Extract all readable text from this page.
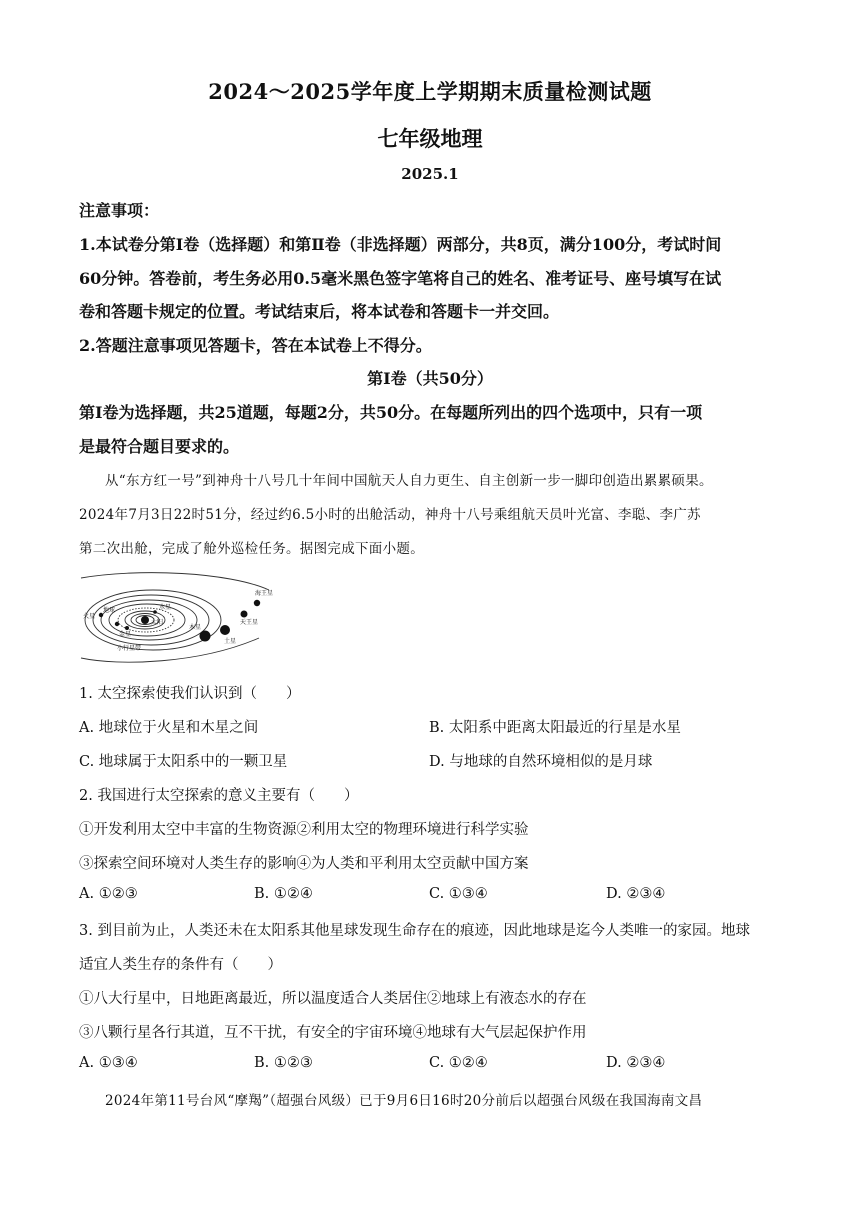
2024～2025学年度上学期期末质量检测试题
七年级地理
2025.1
注意事项：
1.本试卷分第Ⅰ卷（选择题）和第Ⅱ卷（非选择题）两部分，共8页，满分100分，考试时间
60分钟。答卷前，考生务必用0.5毫米黑色签字笔将自己的姓名、准考证号、座号填写在试
卷和答题卡规定的位置。考试结束后，将本试卷和答题卡一并交回。
2.答题注意事项见答题卡，答在本试卷上不得分。
第Ⅰ卷（共50分）
第Ⅰ卷为选择题，共25道题，每题2分，共50分。在每题所列出的四个选项中，只有一项
是最符合题目要求的。
从“东方红一号”到神舟十八号几十年间中国航天人自力更生、自主创新一步一脚印创造出累累硕果。
2024年7月3日22时51分，经过约6.5小时的出舱活动，神舟十八号乘组航天员叶光富、李聪、李广苏
第二次出舱，完成了舱外巡检任务。据图完成下面小题。
火星
地球
金星
水星
太阳
木星
土星
天王星
海王星
小行星带
1. 太空探索使我们认识到（　　）
A. 地球位于火星和木星之间	B. 太阳系中距离太阳最近的行星是水星
C. 地球属于太阳系中的一颗卫星	D. 与地球的自然环境相似的是月球
2. 我国进行太空探索的意义主要有（　　）
①开发利用太空中丰富的生物资源②利用太空的物理环境进行科学实验
③探索空间环境对人类生存的影响④为人类和平利用太空贡献中国方案
A. ①②③	B. ①②④	C. ①③④	D. ②③④
3. 到目前为止，人类还未在太阳系其他星球发现生命存在的痕迹，因此地球是迄今人类唯一的家园。地球
适宜人类生存的条件有（　　）
①八大行星中，日地距离最近，所以温度适合人类居住②地球上有液态水的存在
③八颗行星各行其道，互不干扰，有安全的宇宙环境④地球有大气层起保护作用
A. ①③④	B. ①②③	C. ①②④	D. ②③④
2024年第11号台风“摩羯”（超强台风级）已于9月6日16时20分前后以超强台风级在我国海南文昌
